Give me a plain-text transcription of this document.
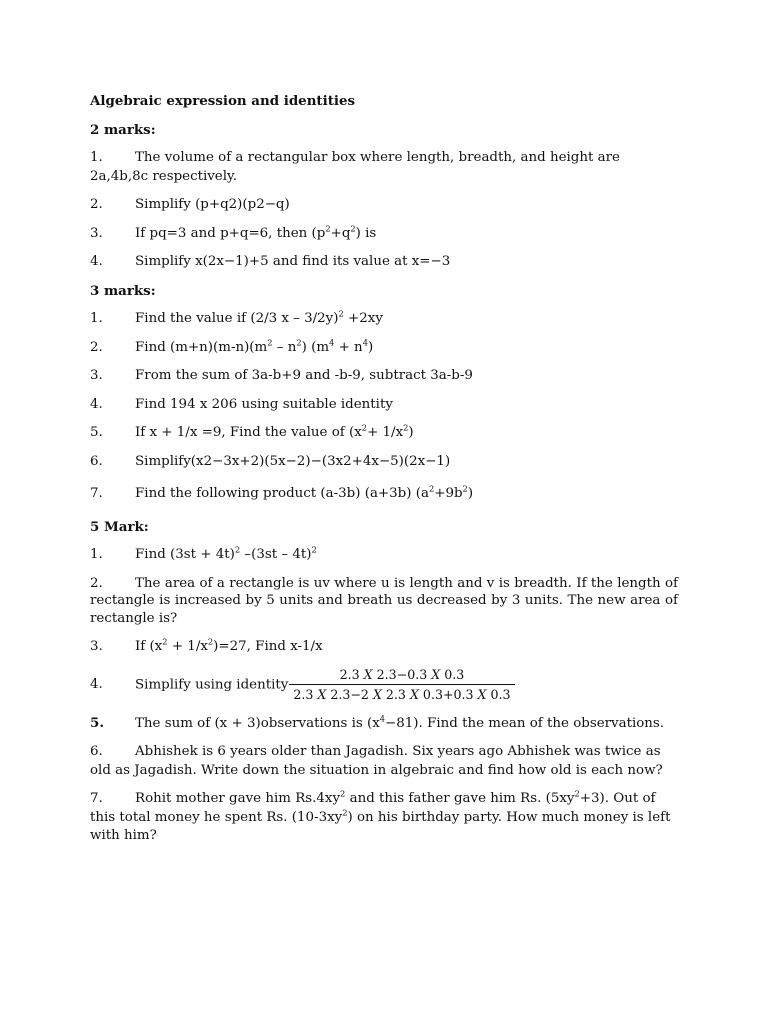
Algebraic expression and identities

2 marks:

1. The volume of a rectangular box where length, breadth, and height are 2a,4b,8c respectively.

2. Simplify (p+q2)(p2−q)

3. If pq=3 and p+q=6, then $(p^2+q^2)$ is

4. Simplify x(2x−1)+5 and find its value at x=−3

3 marks:

1. Find the value if (2/3 x – 3/2y)$^2$ +2xy

2. Find $(m+n)(m-n)(m^2 - n^2) (m^4 + n^4)$

3. From the sum of 3a-b+9 and -b-9, subtract 3a-b-9

4. Find 194 x 206 using suitable identity

5. If x + 1/x =9, Find the value of $(x^2+ 1/x^2)$

6. Simplify(x2−3x+2)(5x−2)−(3x2+4x−5)(2x−1)

7. Find the following product (a-3b) (a+3b) $(a^2+9b^2)$

5 Mark:

1. Find $(3st + 4t)^2$ –(3st – 4t)$^2$

2. The area of a rectangle is uv where u is length and v is breadth. If the length of rectangle is increased by 5 units and breath us decreased by 3 units. The new area of rectangle is?

3. If $(x^2 + 1/x^2)=27$, Find x-1/x

4. Simplify using identity $\frac{2.3 X 2.3-0.3 X 0.3}{2.3 X 2.3-2 X 2.3 X 0.3+0.3 X 0.3}$

5. The sum of (x + 3)observations is $(x^4-81)$. Find the mean of the observations.

6. Abhishek is 6 years older than Jagadish. Six years ago Abhishek was twice as old as Jagadish. Write down the situation in algebraic and find how old is each now?

7. Rohit mother gave him $Rs.4xy^2$ and this father gave him Rs. $(5xy^2+3)$. Out of this total money he spent Rs. $(10-3xy^2)$ on his birthday party. How much money is left with him?
